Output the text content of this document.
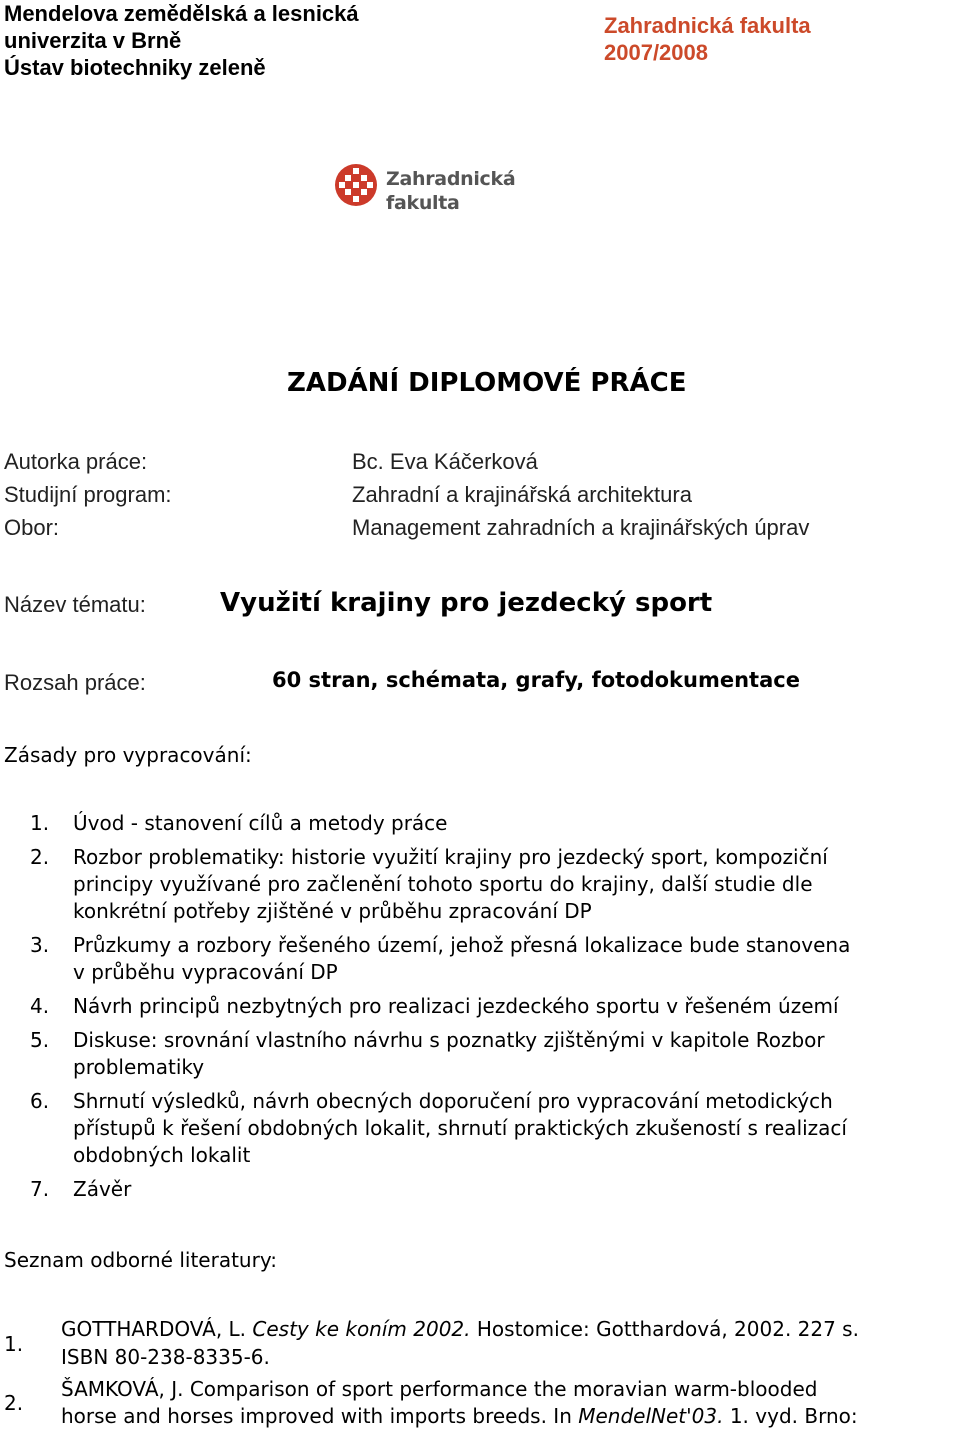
Mendelova zemědělská a lesnická
univerzita v Brně
Ústav biotechniky zeleně
Zahradnická fakulta
2007/2008
Zahradnická
fakulta
ZADÁNÍ DIPLOMOVÉ PRÁCE
Autorka práce:	Bc. Eva Káčerková
Studijní program:	Zahradní a krajinářská architektura
Obor:	Management zahradních a krajinářských úprav
Název tématu:	Využití krajiny pro jezdecký sport
Rozsah práce:	60 stran, schémata, grafy, fotodokumentace
Zásady pro vypracování:
1. Úvod - stanovení cílů a metody práce
2. Rozbor problematiky: historie využití krajiny pro jezdecký sport, kompoziční
principy využívané pro začlenění tohoto sportu do krajiny, další studie dle
konkrétní potřeby zjištěné v průběhu zpracování DP
3. Průzkumy a rozbory řešeného území, jehož přesná lokalizace bude stanovena
v průběhu vypracování DP
4. Návrh principů nezbytných pro realizaci jezdeckého sportu v řešeném území
5. Diskuse: srovnání vlastního návrhu s poznatky zjištěnými v kapitole Rozbor
problematiky
6. Shrnutí výsledků, návrh obecných doporučení pro vypracování metodických
přístupů k řešení obdobných lokalit, shrnutí praktických zkušeností s realizací
obdobných lokalit
7. Závěr
Seznam odborné literatury:
1.
GOTTHARDOVÁ, L. Cesty ke koním 2002. Hostomice: Gotthardová, 2002. 227 s.
ISBN 80-238-8335-6.
2.
ŠAMKOVÁ, J. Comparison of sport performance the moravian warm-blooded
horse and horses improved with imports breeds. In MendelNet'03. 1. vyd. Brno:
